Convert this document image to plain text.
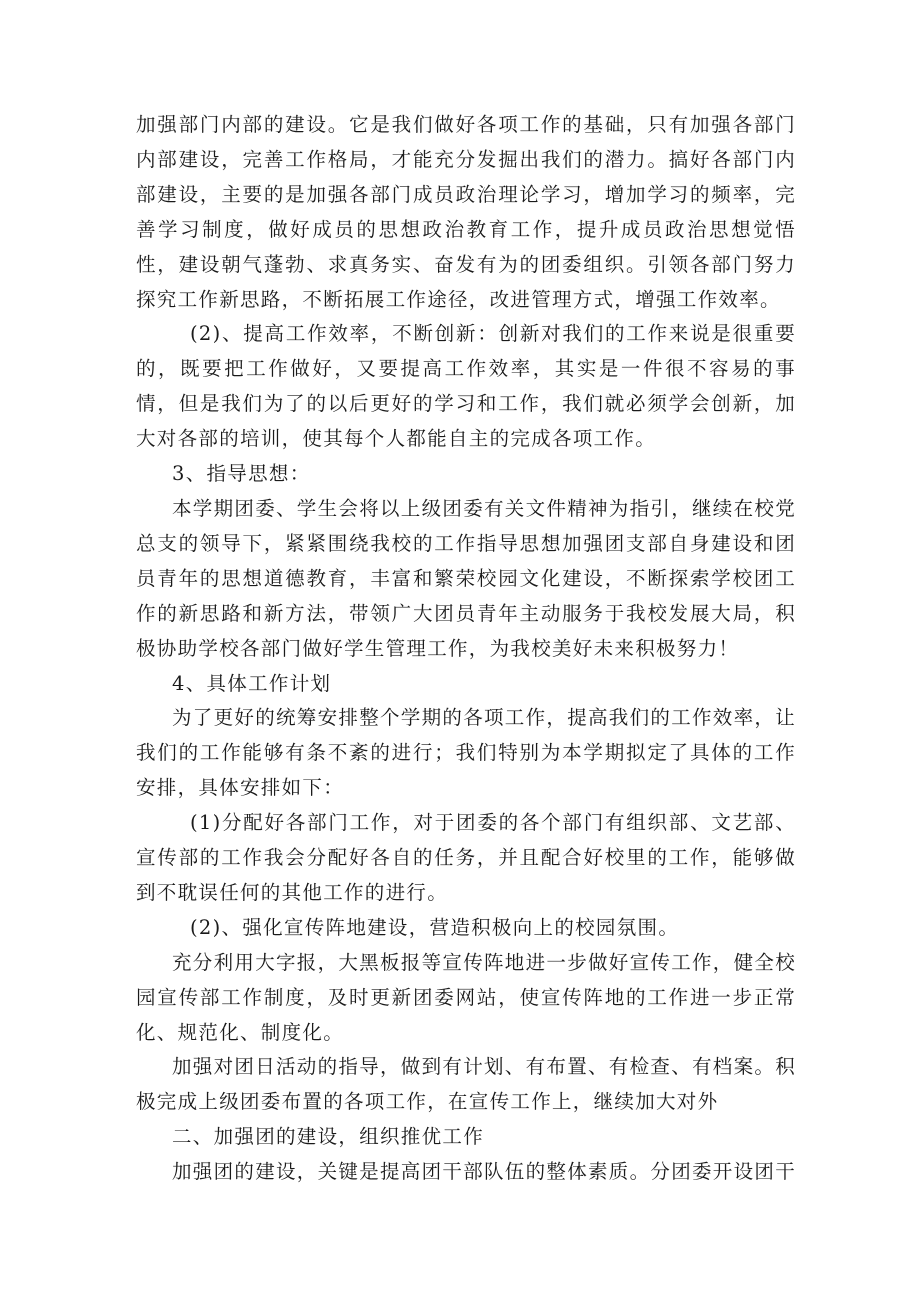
加强部门内部的建设。它是我们做好各项工作的基础，只有加强各部门内部建设，完善工作格局，才能充分发掘出我们的潜力。搞好各部门内部建设，主要的是加强各部门成员政治理论学习，增加学习的频率，完善学习制度，做好成员的思想政治教育工作，提升成员政治思想觉悟性，建设朝气蓬勃、求真务实、奋发有为的团委组织。引领各部门努力探究工作新思路，不断拓展工作途径，改进管理方式，增强工作效率。

(2)、提高工作效率，不断创新：创新对我们的工作来说是很重要的，既要把工作做好，又要提高工作效率，其实是一件很不容易的事情，但是我们为了的以后更好的学习和工作，我们就必须学会创新，加大对各部的培训，使其每个人都能自主的完成各项工作。

3、指导思想：

本学期团委、学生会将以上级团委有关文件精神为指引，继续在校党总支的领导下，紧紧围绕我校的工作指导思想加强团支部自身建设和团员青年的思想道德教育，丰富和繁荣校园文化建设，不断探索学校团工作的新思路和新方法，带领广大团员青年主动服务于我校发展大局，积极协助学校各部门做好学生管理工作，为我校美好未来积极努力！

4、具体工作计划

为了更好的统筹安排整个学期的各项工作，提高我们的工作效率，让我们的工作能够有条不紊的进行；我们特别为本学期拟定了具体的工作安排，具体安排如下：

(1)分配好各部门工作，对于团委的各个部门有组织部、文艺部、宣传部的工作我会分配好各自的任务，并且配合好校里的工作，能够做到不耽误任何的其他工作的进行。

(2)、强化宣传阵地建设，营造积极向上的校园氛围。

充分利用大字报，大黑板报等宣传阵地进一步做好宣传工作，健全校园宣传部工作制度，及时更新团委网站，使宣传阵地的工作进一步正常化、规范化、制度化。

加强对团日活动的指导，做到有计划、有布置、有检查、有档案。积极完成上级团委布置的各项工作，在宣传工作上，继续加大对外

二、加强团的建设，组织推优工作

加强团的建设，关键是提高团干部队伍的整体素质。分团委开设团干
